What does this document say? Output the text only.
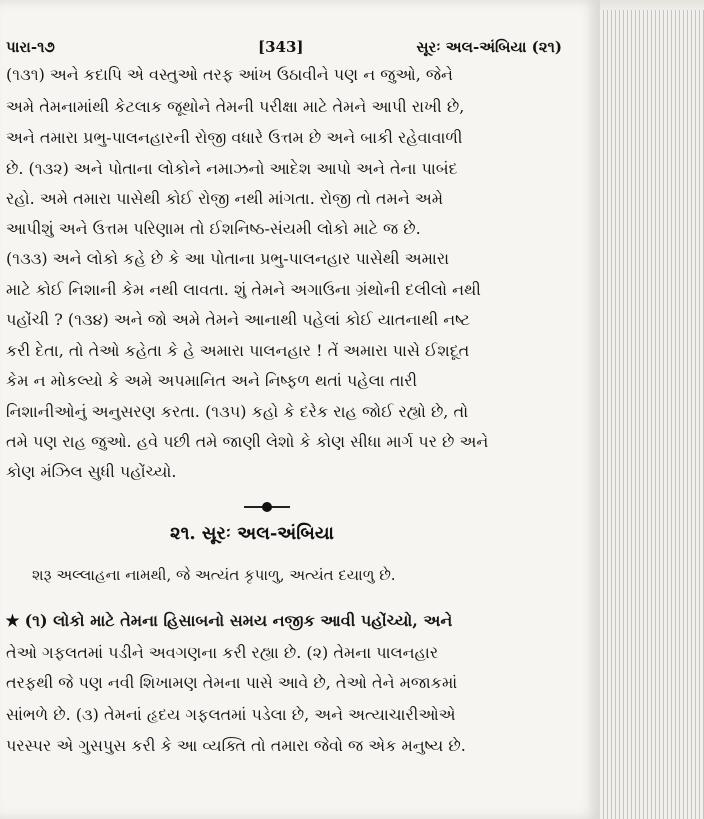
પારા-૧૭	[343]	સૂરઃ અલ-અંબિયા (૨૧)
(૧૩૧) અને કદાપિ એ વસ્તુઓ તરફ આંખ ઉઠાવીને પણ ન જુઓ, જેને
અમે તેમનામાંથી કેટલાક જૂથોને તેમની પરીક્ષા માટે તેમને આપી રાખી છે,
અને તમારા પ્રભુ-પાલનહારની રોજી વધારે ઉત્તમ છે અને બાકી રહેવાવાળી
છે. (૧૩૨) અને પોતાના લોકોને નમાઝનો આદેશ આપો અને તેના પાબંદ
રહો. અમે તમારા પાસેથી કોઈ રોજી નથી માંગતા. રોજી તો તમને અમે
આપીશું અને ઉત્તમ પરિણામ તો ઈશનિષ્ઠ-સંયમી લોકો માટે જ છે.
(૧૩૩) અને લોકો કહે છે કે આ પોતાના પ્રભુ-પાલનહાર પાસેથી અમારા
માટે કોઈ નિશાની કેમ નથી લાવતા. શું તેમને અગાઉના ગ્રંથોની દલીલો નથી
પહોંચી ? (૧૩૪) અને જો અમે તેમને આનાથી પહેલાં કોઈ યાતનાથી નષ્ટ
કરી દેતા, તો તેઓ કહેતા કે હે અમારા પાલનહાર ! તેં અમારા પાસે ઈશદૂત
કેમ ન મોકલ્યો કે અમે અપમાનિત અને નિષ્ફળ થતાં પહેલા તારી
નિશાનીઓનું અનુસરણ કરતા. (૧૩૫) કહો કે દરેક રાહ જોઈ રહ્યો છે, તો
તમે પણ રાહ જુઓ. હવે પછી તમે જાણી લેશો કે કોણ સીધા માર્ગ પર છે અને
કોણ મંઝિલ સુધી પહોંચ્યો.
૨૧. સૂરઃ અલ-અંબિયા
શરૂ અલ્લાહના નામથી, જે અત્યંત કૃપાળુ, અત્યંત દયાળુ છે.
★ (૧) લોકો માટે તેમના હિસાબનો સમય નજીક આવી પહોંચ્યો, અને
તેઓ ગફલતમાં પડીને અવગણના કરી રહ્યા છે. (૨) તેમના પાલનહાર
તરફથી જે પણ નવી શિખામણ તેમના પાસે આવે છે, તેઓ તેને મજાકમાં
સાંભળે છે. (૩) તેમનાં હૃદય ગફલતમાં પડેલા છે, અને અત્યાચારીઓએ
પરસ્પર એ ગુસપુસ કરી કે આ વ્યક્તિ તો તમારા જેવો જ એક મનુષ્ય છે.
